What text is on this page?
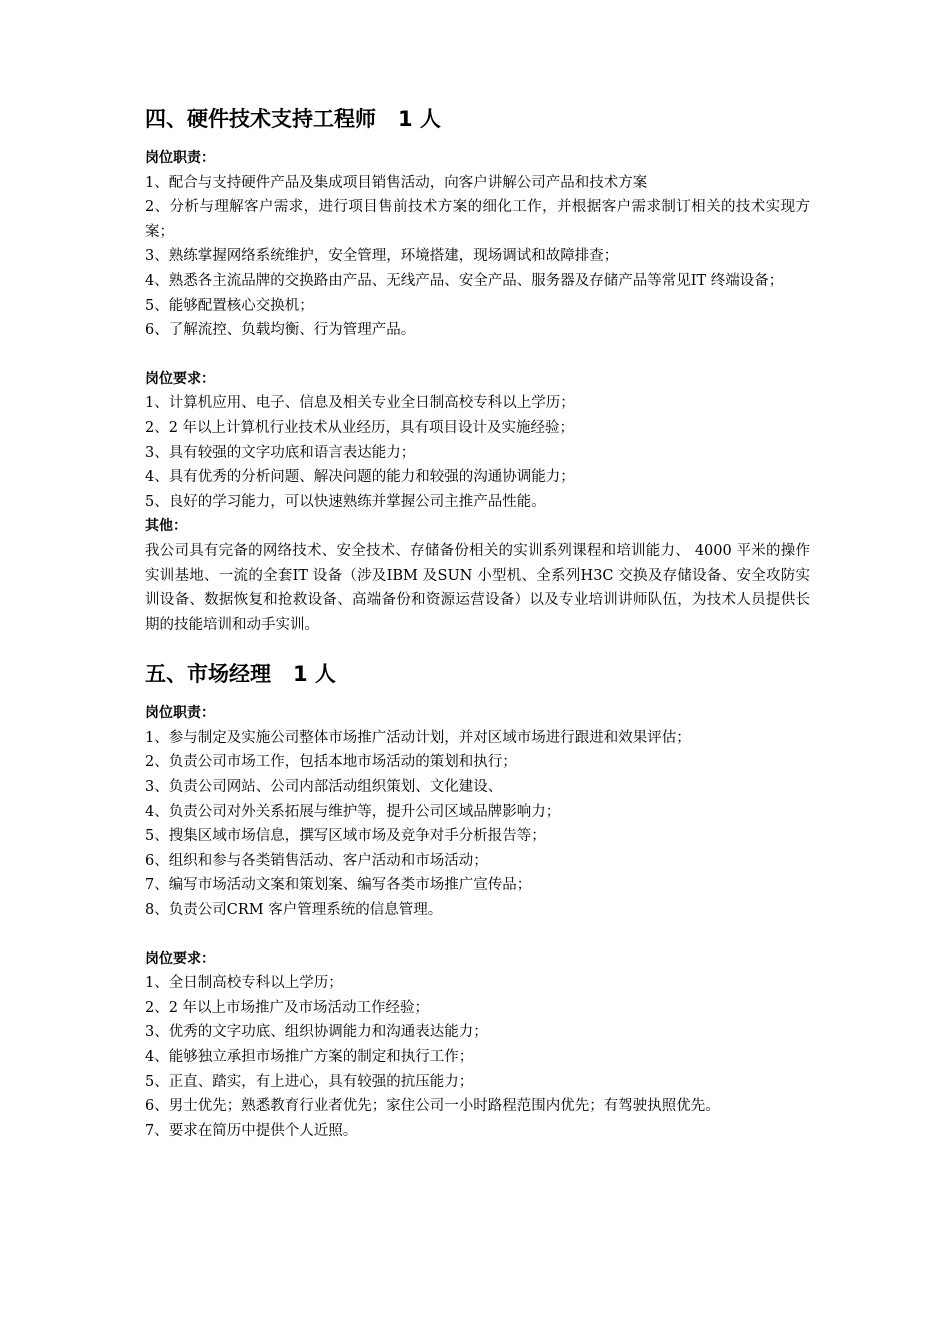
四、硬件技术支持工程师 1 人

岗位职责：

1、配合与支持硬件产品及集成项目销售活动，向客户讲解公司产品和技术方案

2、分析与理解客户需求，进行项目售前技术方案的细化工作，并根据客户需求制订相关的技术实现方案；

3、熟练掌握网络系统维护，安全管理，环境搭建，现场调试和故障排查；

4、熟悉各主流品牌的交换路由产品、无线产品、安全产品、服务器及存储产品等常见IT 终端设备；

5、能够配置核心交换机；

6、了解流控、负载均衡、行为管理产品。

岗位要求：

1、计算机应用、电子、信息及相关专业全日制高校专科以上学历；

2、2 年以上计算机行业技术从业经历，具有项目设计及实施经验；

3、具有较强的文字功底和语言表达能力；

4、具有优秀的分析问题、解决问题的能力和较强的沟通协调能力；

5、良好的学习能力，可以快速熟练并掌握公司主推产品性能。

其他：

我公司具有完备的网络技术、安全技术、存储备份相关的实训系列课程和培训能力、 4000 平米的操作实训基地、一流的全套IT 设备（涉及IBM 及SUN 小型机、全系列H3C 交换及存储设备、安全攻防实训设备、数据恢复和抢救设备、高端备份和资源运营设备）以及专业培训讲师队伍，为技术人员提供长期的技能培训和动手实训。

五、市场经理 1 人

岗位职责：

1、参与制定及实施公司整体市场推广活动计划，并对区域市场进行跟进和效果评估；

2、负责公司市场工作，包括本地市场活动的策划和执行；

3、负责公司网站、公司内部活动组织策划、文化建设、

4、负责公司对外关系拓展与维护等，提升公司区域品牌影响力；

5、搜集区域市场信息，撰写区域市场及竞争对手分析报告等；

6、组织和参与各类销售活动、客户活动和市场活动；

7、编写市场活动文案和策划案、编写各类市场推广宣传品；

8、负责公司CRM 客户管理系统的信息管理。

岗位要求：

1、全日制高校专科以上学历；

2、2 年以上市场推广及市场活动工作经验；

3、优秀的文字功底、组织协调能力和沟通表达能力；

4、能够独立承担市场推广方案的制定和执行工作；

5、正直、踏实，有上进心，具有较强的抗压能力；

6、男士优先；熟悉教育行业者优先；家住公司一小时路程范围内优先；有驾驶执照优先。

7、要求在简历中提供个人近照。
